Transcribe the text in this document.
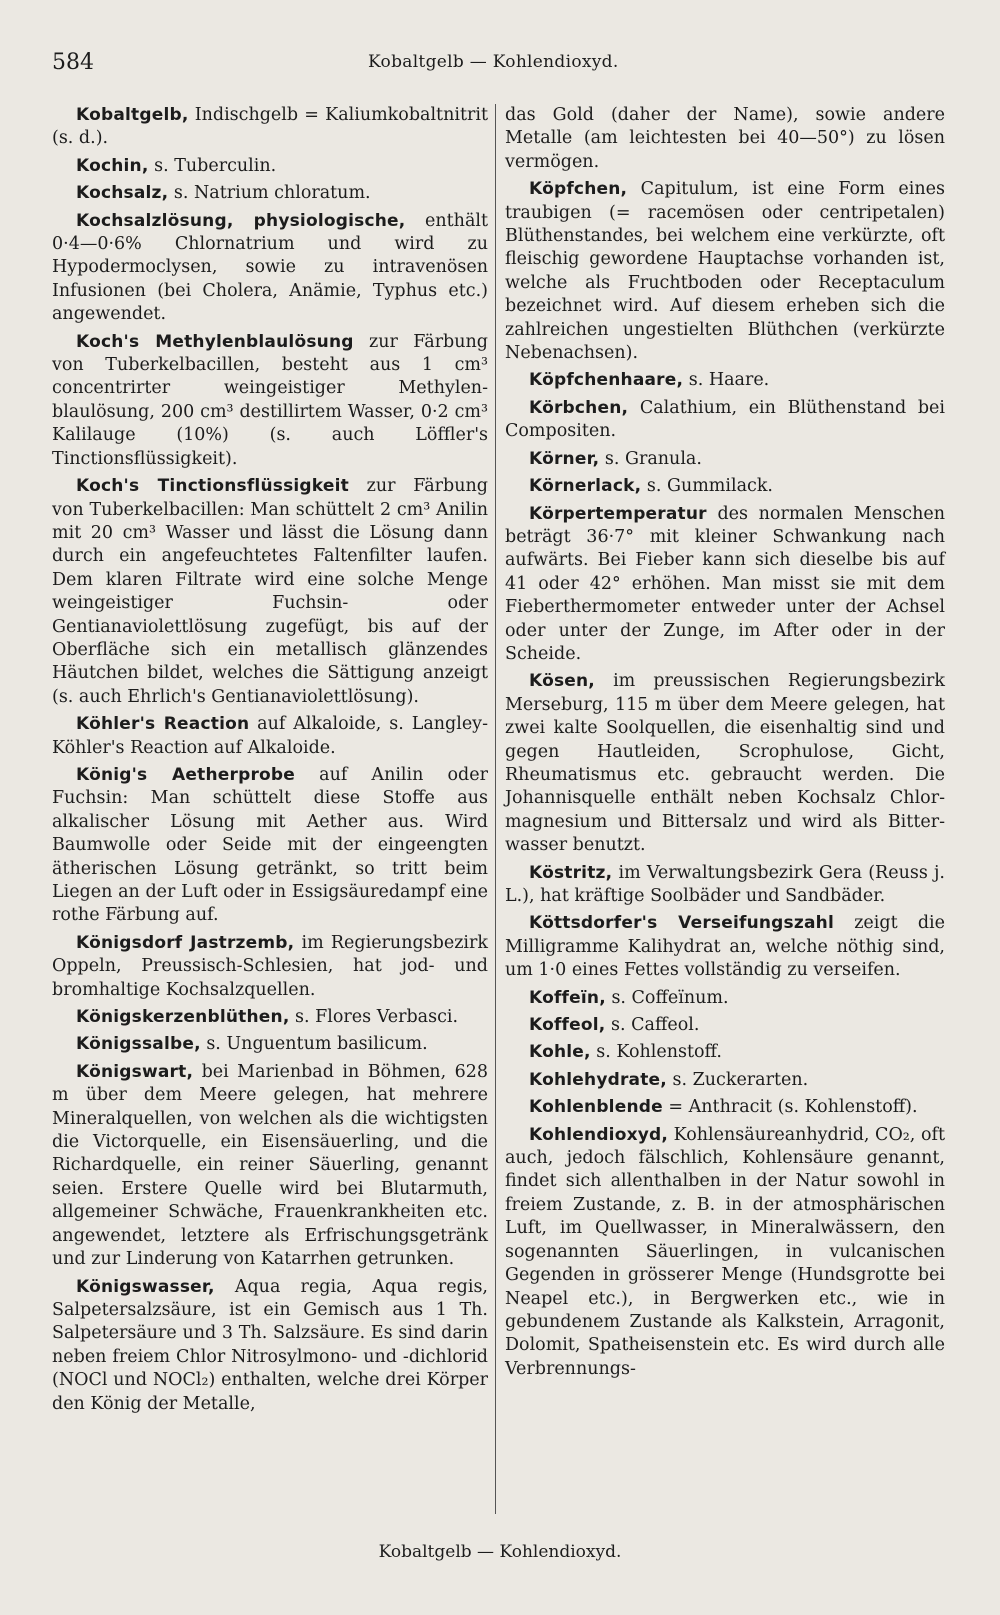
584	Kobaltgelb — Kohlendioxyd.
Kobaltgelb, Indischgelb = Kaliumkobaltnitrit (s. d.).
Kochin, s. Tuberculin.
Kochsalz, s. Natrium chloratum.
Kochsalzlösung, physiologische, enthält 0·4—0·6% Chlornatrium und wird zu Hypodermoclysen, sowie zu intravenösen Infusionen (bei Cholera, Anämie, Typhus etc.) angewendet.
Koch's Methylenblaulösung zur Färbung von Tuberkelbacillen, besteht aus 1 cm³ concentrirter weingeistiger Methylenblaulösung, 200 cm³ destillirtem Wasser, 0·2 cm³ Kalilauge (10%) (s. auch Löffler's Tinctionsflüssigkeit).
Koch's Tinctionsflüssigkeit zur Färbung von Tuberkelbacillen: Man schüttelt 2 cm³ Anilin mit 20 cm³ Wasser und lässt die Lösung dann durch ein angefeuchtetes Faltenfilter laufen. Dem klaren Filtrate wird eine solche Menge weingeistiger Fuchsin- oder Gentianaviolettlösung zugefügt, bis auf der Oberfläche sich ein metallisch glänzendes Häutchen bildet, welches die Sättigung anzeigt (s. auch Ehrlich's Gentianaviolettlösung).
Köhler's Reaction auf Alkaloide, s. Langley-Köhler's Reaction auf Alkaloide.
König's Aetherprobe auf Anilin oder Fuchsin: Man schüttelt diese Stoffe aus alkalischer Lösung mit Aether aus. Wird Baumwolle oder Seide mit der eingeengten ätherischen Lösung getränkt, so tritt beim Liegen an der Luft oder in Essigsäuredampf eine rothe Färbung auf.
Königsdorf Jastrzemb, im Regierungsbezirk Oppeln, Preussisch-Schlesien, hat jod- und bromhaltige Kochsalzquellen.
Königskerzenblüthen, s. Flores Verbasci.
Königssalbe, s. Unguentum basilicum.
Königswart, bei Marienbad in Böhmen, 628 m über dem Meere gelegen, hat mehrere Mineralquellen, von welchen als die wichtigsten die Victorquelle, ein Eisensäuerling, und die Richardquelle, ein reiner Säuerling, genannt seien. Erstere Quelle wird bei Blutarmuth, allgemeiner Schwäche, Frauenkrankheiten etc. angewendet, letztere als Erfrischungsgetränk und zur Linderung von Katarrhen getrunken.
Königswasser, Aqua regia, Aqua regis, Salpetersalzsäure, ist ein Gemisch aus 1 Th. Salpetersäure und 3 Th. Salzsäure. Es sind darin neben freiem Chlor Nitrosylmono- und -dichlorid (NOCl und NOCl₂) enthalten, welche drei Körper den König der Metalle,
das Gold (daher der Name), sowie andere Metalle (am leichtesten bei 40—50°) zu lösen vermögen.
Köpfchen, Capitulum, ist eine Form eines traubigen (= racemösen oder centripetalen) Blüthenstandes, bei welchem eine verkürzte, oft fleischig gewordene Hauptachse vorhanden ist, welche als Fruchtboden oder Receptaculum bezeichnet wird. Auf diesem erheben sich die zahlreichen ungestielten Blüthchen (verkürzte Nebenachsen).
Köpfchenhaare, s. Haare.
Körbchen, Calathium, ein Blüthenstand bei Compositen.
Körner, s. Granula.
Körnerlack, s. Gummilack.
Körpertemperatur des normalen Menschen beträgt 36·7° mit kleiner Schwankung nach aufwärts. Bei Fieber kann sich dieselbe bis auf 41 oder 42° erhöhen. Man misst sie mit dem Fieberthermometer entweder unter der Achsel oder unter der Zunge, im After oder in der Scheide.
Kösen, im preussischen Regierungsbezirk Merseburg, 115 m über dem Meere gelegen, hat zwei kalte Soolquellen, die eisenhaltig sind und gegen Hautleiden, Scrophulose, Gicht, Rheumatismus etc. gebraucht werden. Die Johannisquelle enthält neben Kochsalz Chlormagnesium und Bittersalz und wird als Bitterwasser benutzt.
Köstritz, im Verwaltungsbezirk Gera (Reuss j. L.), hat kräftige Soolbäder und Sandbäder.
Köttsdorfer's Verseifungszahl zeigt die Milligramme Kalihydrat an, welche nöthig sind, um 1·0 eines Fettes vollständig zu verseifen.
Koffeïn, s. Coffeïnum.
Koffeol, s. Caffeol.
Kohle, s. Kohlenstoff.
Kohlehydrate, s. Zuckerarten.
Kohlenblende = Anthracit (s. Kohlenstoff).
Kohlendioxyd, Kohlensäureanhydrid, CO₂, oft auch, jedoch fälschlich, Kohlensäure genannt, findet sich allenthalben in der Natur sowohl in freiem Zustande, z. B. in der atmosphärischen Luft, im Quellwasser, in Mineralwässern, den sogenannten Säuerlingen, in vulcanischen Gegenden in grösserer Menge (Hundsgrotte bei Neapel etc.), in Bergwerken etc., wie in gebundenem Zustande als Kalkstein, Arragonit, Dolomit, Spatheisenstein etc. Es wird durch alle Verbrennungs-
Kobaltgelb — Kohlendioxyd.
